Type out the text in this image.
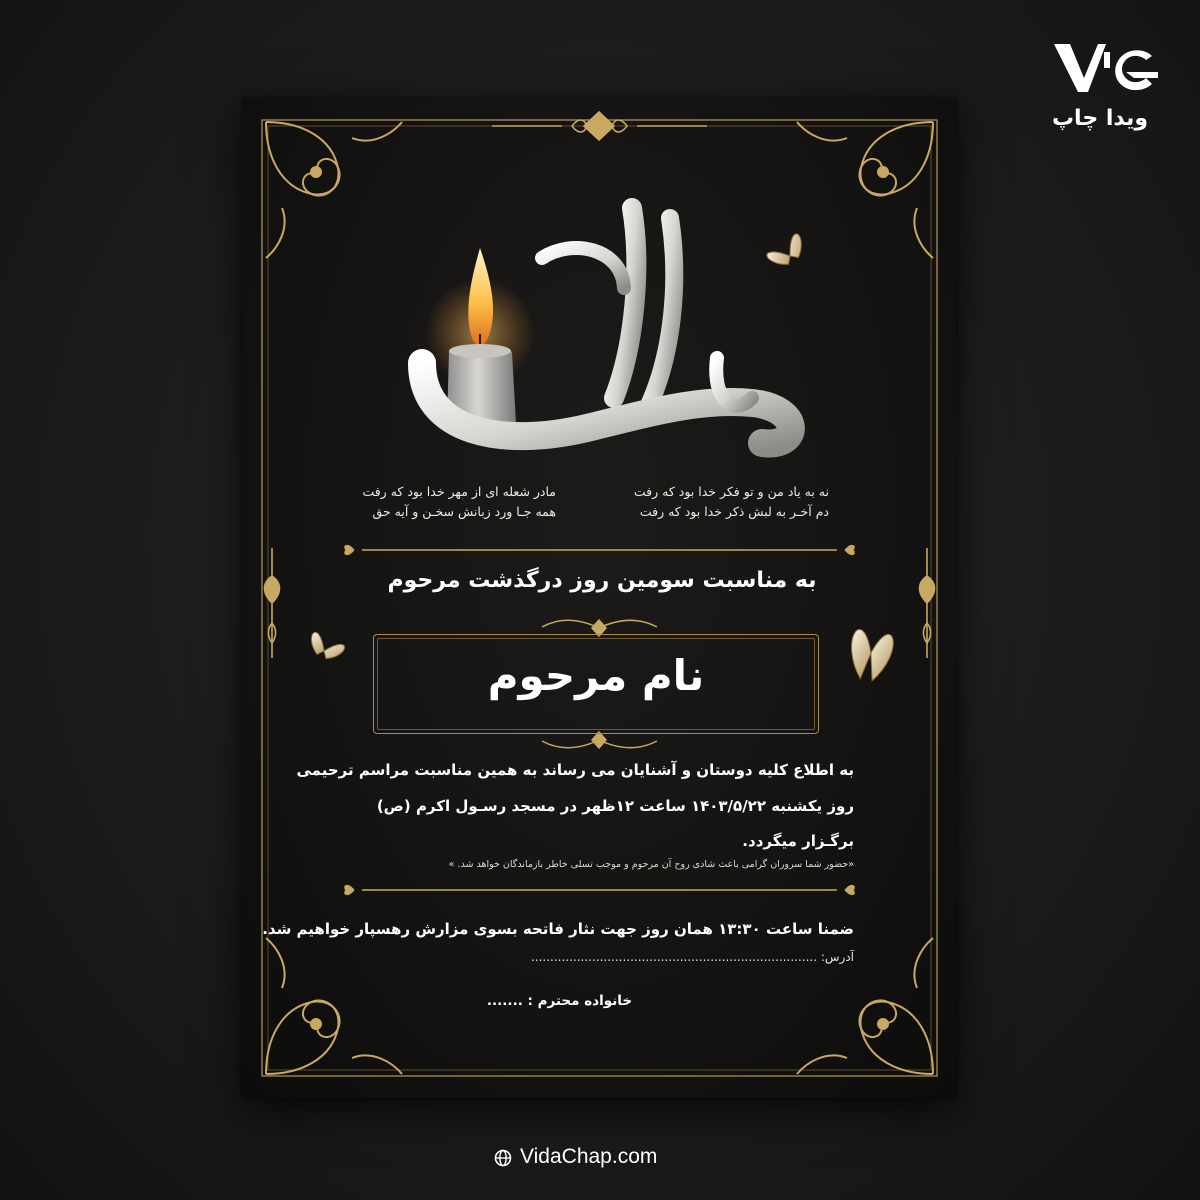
ویدا چاپ
مادر
نه به یاد من و تو فکر خدا بود که رفت
دم آخـر به لبش ذکر خدا بود که رفت
مادر شعله ای از مهر خدا بود که رفت
همه جـا ورد زبانش سخـن و آیه حق
به مناسبت سومین روز درگذشت مرحوم
نام مرحوم
به اطلاع کلیه دوستان و آشنایان می رساند به همین مناسبت مراسم ترحیمی
روز یکشنبه ۱۴۰۳/۵/۲۲ ساعت ۱۲ظهر در مسجد رسـول اکرم (ص)
برگـزار میگردد.
«حضور شما سروران گرامی باعث شادی روح آن مرحوم و موجب تسلی خاطر بازماندگان خواهد شد. »
ضمنا ساعت ۱۳:۳۰ همان روز جهت نثار فاتحه بسوی مزارش رهسپار خواهیم شد.
آدرس: ...........................................................................
خانواده محترم : .......
VidaChap.com
